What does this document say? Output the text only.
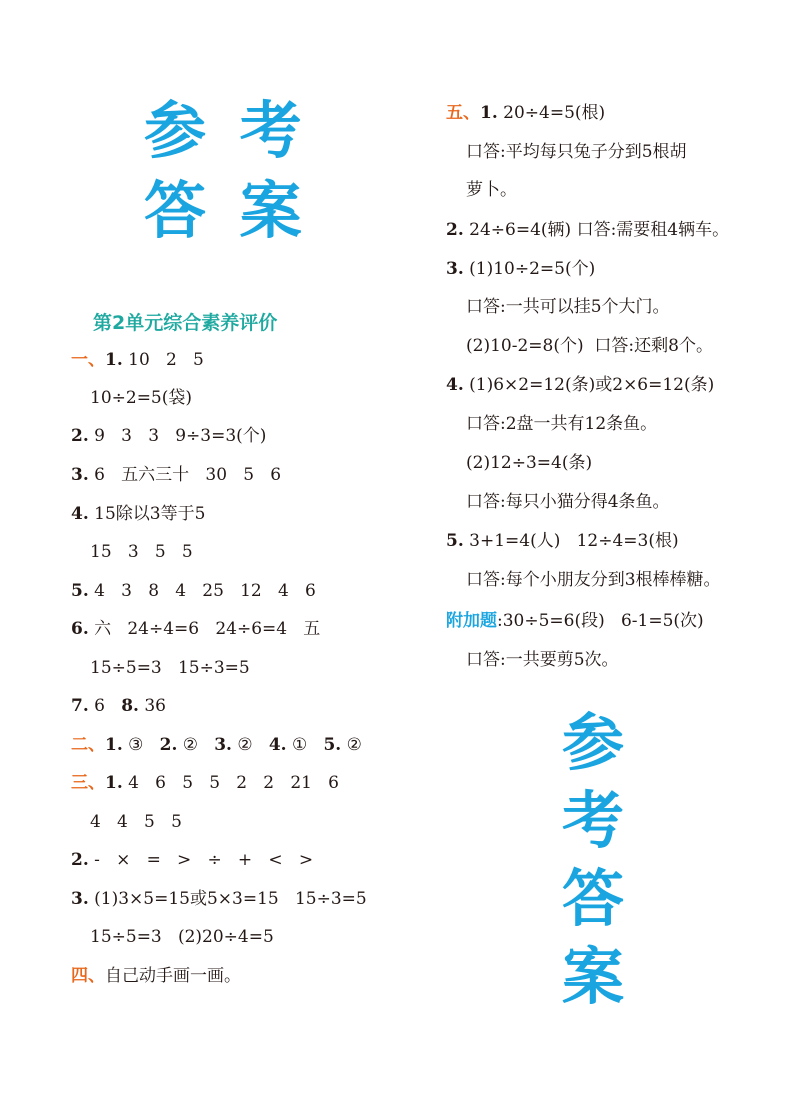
参 考
答 案
第2单元综合素养评价
一、1. 10   2   5
10÷2=5(袋)
2. 9   3   3   9÷3=3(个)
3. 6   五六三十   30   5   6
4. 15除以3等于5
15   3   5   5
5. 4   3   8   4   25   12   4   6
6. 六   24÷4=6   24÷6=4   五
15÷5=3   15÷3=5
7. 6   8. 36
二、1. ③   2. ②   3. ②   4. ①   5. ②
三、1. 4   6   5   5   2   2   21   6
4   4   5   5
2. -   ×   =   >   ÷   +   <   >
3. (1)3×5=15或5×3=15   15÷3=5
15÷5=3   (2)20÷4=5
四、自己动手画一画。
五、1. 20÷4=5(根)
口答:平均每只兔子分到5根胡
萝卜。
2. 24÷6=4(辆) 口答:需要租4辆车。
3. (1)10÷2=5(个)
口答:一共可以挂5个大门。
(2)10-2=8(个)  口答:还剩8个。
4. (1)6×2=12(条)或2×6=12(条)
口答:2盘一共有12条鱼。
(2)12÷3=4(条)
口答:每只小猫分得4条鱼。
5. 3+1=4(人)   12÷4=3(根)
口答:每个小朋友分到3根棒棒糖。
附加题:30÷5=6(段)   6-1=5(次)
口答:一共要剪5次。
参
考
答
案
